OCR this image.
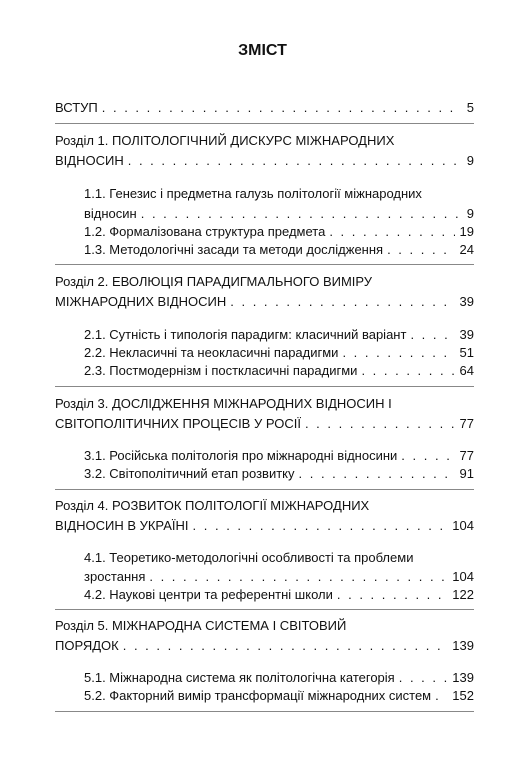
ЗМІСТ
ВСТУП . . .	5
Розділ 1. ПОЛІТОЛОГІЧНИЙ ДИСКУРС МІЖНАРОДНИХ
ВІДНОСИН . . .	9
1.1. Генезис і предметна галузь політології міжнародних
відносин . . .	9
1.2. Формалізована структура предмета . . .	19
1.3. Методологічні засади та методи дослідження . . .	24
Розділ 2. ЕВОЛЮЦІЯ ПАРАДИГМАЛЬНОГО ВИМІРУ
МІЖНАРОДНИХ ВІДНОСИН . . .	39
2.1. Сутність і типологія парадигм: класичний варіант . . .	39
2.2. Некласичні та неокласичні парадигми . . .	51
2.3. Постмодернізм і посткласичні парадигми . . .	64
Розділ 3. ДОСЛІДЖЕННЯ МІЖНАРОДНИХ ВІДНОСИН І
СВІТОПОЛІТИЧНИХ ПРОЦЕСІВ У РОСІЇ . . .	77
3.1. Російська політологія про міжнародні відносини . . .	77
3.2. Світополітичний етап розвитку . . .	91
Розділ 4. РОЗВИТОК ПОЛІТОЛОГІЇ МІЖНАРОДНИХ
ВІДНОСИН В УКРАЇНІ . . .	104
4.1. Теоретико-методологічні особливості та проблеми
зростання . . .	104
4.2. Наукові центри та референтні школи . . .	122
Розділ 5. МІЖНАРОДНА СИСТЕМА І СВІТОВИЙ
ПОРЯДОК . . .	139
5.1. Міжнародна система як політологічна категорія . . .	139
5.2. Факторний вимір трансформації міжнародних систем . . . 152
